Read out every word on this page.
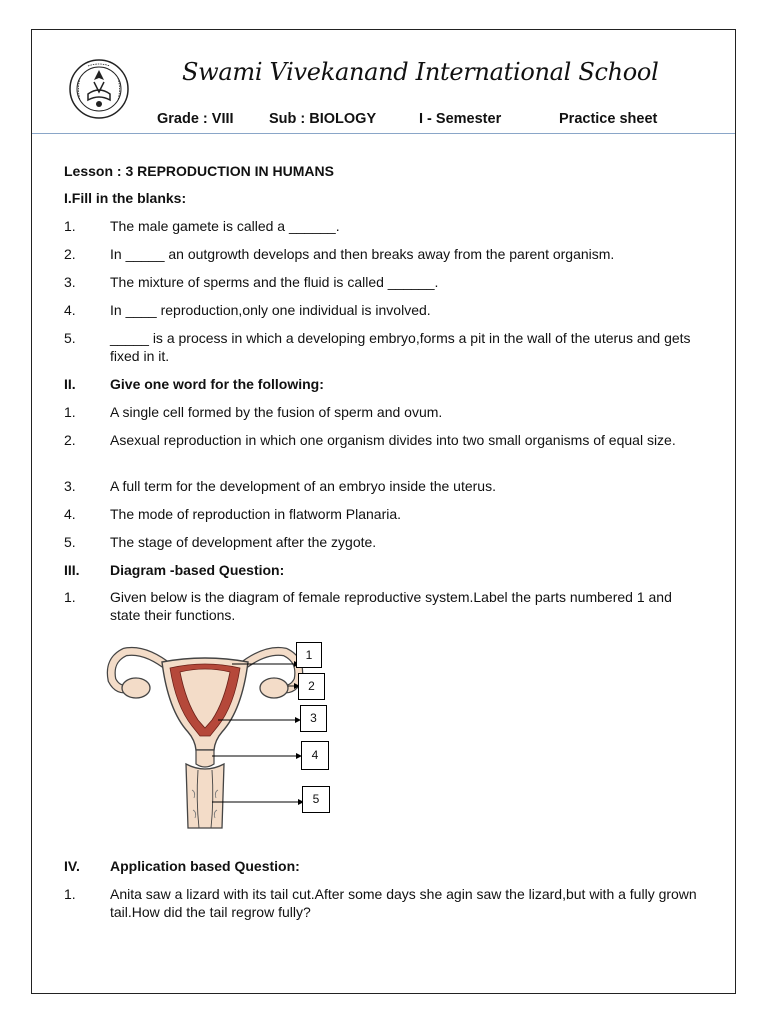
Swami Vivekanand International School
Grade : VIII Sub : BIOLOGY	I - Semester	Practice sheet
Lesson : 3 REPRODUCTION IN HUMANS
I.Fill in the blanks:
1. The male gamete is called a ______.
2. In _____ an outgrowth develops and then breaks away from the parent organism.
3. The mixture of sperms and the fluid is called ______.
4. In ____ reproduction,only one individual is involved.
5. _____ is a process in which a developing embryo,forms a pit in the wall of the uterus and gets fixed in it.
II. Give one word for the following:
1. A single cell formed by the fusion of sperm and ovum.
2. Asexual reproduction in which one organism divides into two small organisms of equal size.
3. A full term for the development of an embryo inside the uterus.
4. The mode of reproduction in flatworm Planaria.
5. The stage of development after the zygote.
III. Diagram -based Question:
1. Given below is the diagram of female reproductive system.Label the parts numbered 1 and state their functions.
1
2
3
4
5
IV. Application based Question:
1. Anita saw a lizard with its tail cut.After some days she agin saw the lizard,but with a fully grown tail.How did the tail regrow fully?
